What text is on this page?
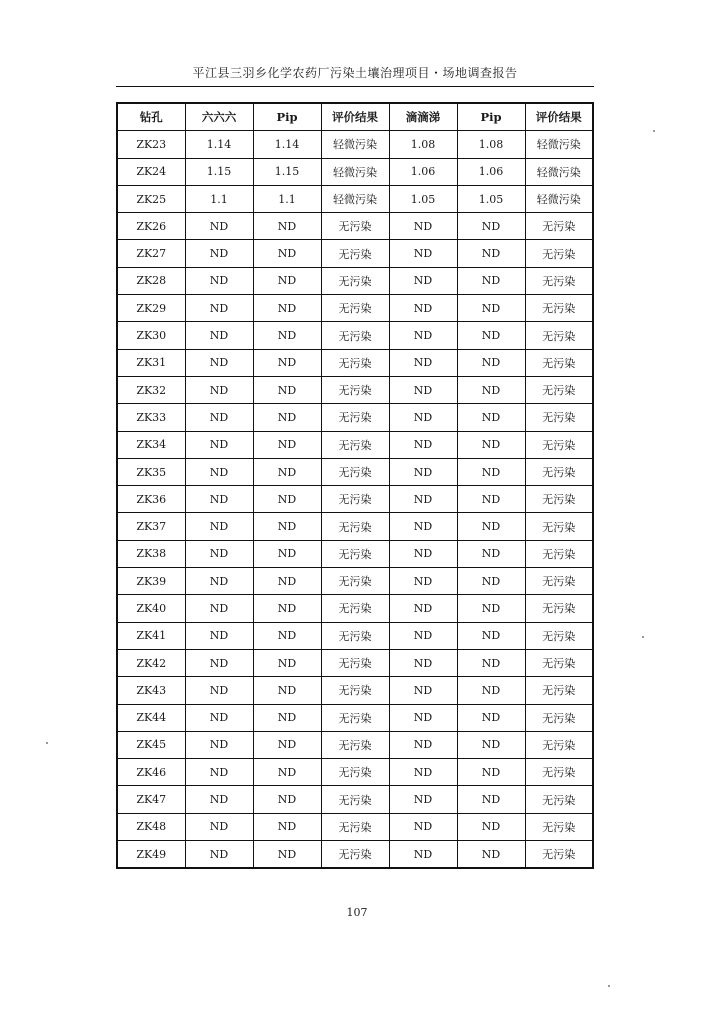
平江县三羽乡化学农药厂污染土壤治理项目・场地调查报告
钻孔	六六六	Pip	评价结果	滴滴涕	Pip	评价结果
ZK23	1.14	1.14	轻微污染	1.08	1.08	轻微污染
ZK24	1.15	1.15	轻微污染	1.06	1.06	轻微污染
ZK25	1.1	1.1	轻微污染	1.05	1.05	轻微污染
ZK26	ND	ND	无污染	ND	ND	无污染
ZK27	ND	ND	无污染	ND	ND	无污染
ZK28	ND	ND	无污染	ND	ND	无污染
ZK29	ND	ND	无污染	ND	ND	无污染
ZK30	ND	ND	无污染	ND	ND	无污染
ZK31	ND	ND	无污染	ND	ND	无污染
ZK32	ND	ND	无污染	ND	ND	无污染
ZK33	ND	ND	无污染	ND	ND	无污染
ZK34	ND	ND	无污染	ND	ND	无污染
ZK35	ND	ND	无污染	ND	ND	无污染
ZK36	ND	ND	无污染	ND	ND	无污染
ZK37	ND	ND	无污染	ND	ND	无污染
ZK38	ND	ND	无污染	ND	ND	无污染
ZK39	ND	ND	无污染	ND	ND	无污染
ZK40	ND	ND	无污染	ND	ND	无污染
ZK41	ND	ND	无污染	ND	ND	无污染
ZK42	ND	ND	无污染	ND	ND	无污染
ZK43	ND	ND	无污染	ND	ND	无污染
ZK44	ND	ND	无污染	ND	ND	无污染
ZK45	ND	ND	无污染	ND	ND	无污染
ZK46	ND	ND	无污染	ND	ND	无污染
ZK47	ND	ND	无污染	ND	ND	无污染
ZK48	ND	ND	无污染	ND	ND	无污染
ZK49	ND	ND	无污染	ND	ND	无污染
107
